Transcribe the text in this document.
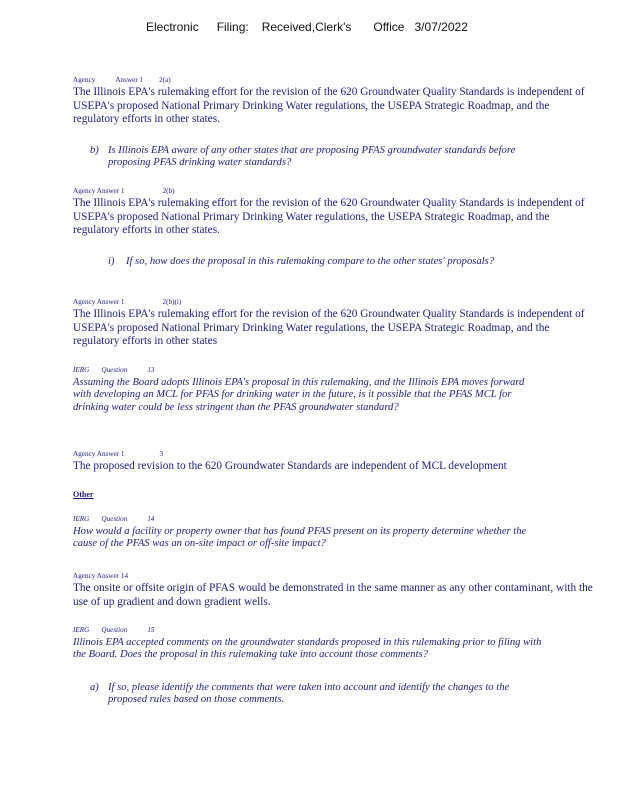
Electronic Filing: Received,Clerk's Office 3/07/2022
Agency	Answer 1 2(a)
The Illinois EPA's rulemaking effort for the revision of the 620 Groundwater Quality Standards is independent of USEPA's proposed National Primary Drinking Water regulations, the USEPA Strategic Roadmap, and the regulatory efforts in other states.
b) Is Illinois EPA aware of any other states that are proposing PFAS groundwater standards before proposing PFAS drinking water standards?
Agency Answer 1	2(b)
The Illinois EPA's rulemaking effort for the revision of the 620 Groundwater Quality Standards is independent of USEPA's proposed National Primary Drinking Water regulations, the USEPA Strategic Roadmap, and the regulatory efforts in other states.
i) If so, how does the proposal in this rulemaking compare to the other states' proposals?
Agency Answer 1	2(b)(i)
The Illinois EPA's rulemaking effort for the revision of the 620 Groundwater Quality Standards is independent of USEPA's proposed National Primary Drinking Water regulations, the USEPA Strategic Roadmap, and the regulatory efforts in other states
IERG Question	13
Assuming the Board adopts Illinois EPA's proposal in this rulemaking, and the Illinois EPA moves forward with developing an MCL for PFAS for drinking water in the future, is it possible that the PFAS MCL for drinking water could be less stringent than the PFAS groundwater standard?
Agency Answer 1	3
The proposed revision to the 620 Groundwater Standards are independent of MCL development
Other
IERG Question	14
How would a facility or property owner that has found PFAS present on its property determine whether the cause of the PFAS was an on-site impact or off-site impact?
Agency Answer 14
The onsite or offsite origin of PFAS would be demonstrated in the same manner as any other contaminant, with the use of up gradient and down gradient wells.
IERG Question	15
Illinois EPA accepted comments on the groundwater standards proposed in this rulemaking prior to filing with the Board. Does the proposal in this rulemaking take into account those comments?
a) If so, please identify the comments that were taken into account and identify the changes to the proposed rules based on those comments.
